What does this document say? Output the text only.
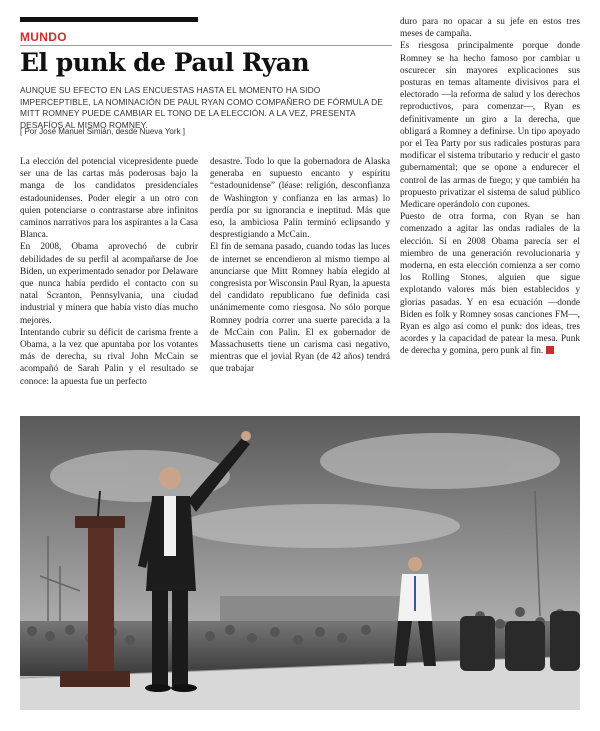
MUNDO
El punk de Paul Ryan
AUNQUE SU EFECTO EN LAS ENCUESTAS HASTA EL MOMENTO HA SIDO IMPERCEPTIBLE, LA NOMINACIÓN DE PAUL RYAN COMO COMPAÑERO DE FÓRMULA DE MITT ROMNEY PUEDE CAMBIAR EL TONO DE LA ELECCIÓN. A LA VEZ, PRESENTA DESAFÍOS AL MISMO ROMNEY.
[ Por José Manuel Simián, desde Nueva York ]

La elección del potencial vicepresidente puede ser una de las cartas más poderosas bajo la manga de los candidatos presidenciales estadounidenses. Poder elegir a un otro con quien potenciarse o contrastarse abre infinitos caminos narrativos para los aspirantes a la Casa Blanca.

En 2008, Obama aprovechó de cubrir debilidades de su perfil al acompañarse de Joe Biden, un experimentado senador por Delaware que nunca había perdido el contacto con su natal Scranton, Pennsylvania, una ciudad industrial y minera que había visto días mucho mejores.

Intentando cubrir su déficit de carisma frente a Obama, a la vez que apuntaba por los votantes más de derecha, su rival John McCain se acompañó de Sarah Palin y el resultado se conoce: la apuesta fue un perfecto

desastre. Todo lo que la gobernadora de Alaska generaba en supuesto encanto y espíritu “estadounidense” (léase: religión, desconfianza de Washington y confianza en las armas) lo perdía por su ignorancia e ineptitud. Más que eso, la ambiciosa Palin terminó eclipsando y desprestigiando a McCain.

El fin de semana pasado, cuando todas las luces de internet se encendieron al mismo tiempo al anunciarse que Mitt Romney había elegido al congresista por Wisconsin Paul Ryan, la apuesta del candidato republicano fue definida casi unánimemente como riesgosa. No sólo porque Romney podría correr una suerte parecida a la de McCain con Palin. El ex gobernador de Massachusetts tiene un carisma casi negativo, mientras que el jovial Ryan (de 42 años) tendrá que trabajar

duro para no opacar a su jefe en estos tres meses de campaña.

Es riesgosa principalmente porque donde Romney se ha hecho famoso por cambiar u oscurecer sin mayores explicaciones sus posturas en temas altamente divisivos para el electorado —la reforma de salud y los derechos reproductivos, para comenzar—, Ryan es definitivamente un giro a la derecha, que obligará a Romney a definirse. Un tipo apoyado por el Tea Party por sus radicales posturas para modificar el sistema tributario y reducir el gasto gubernamental; que se opone a endurecer el control de las armas de fuego; y que también ha propuesto privatizar el sistema de salud público Medicare operándolo con cupones.

Puesto de otra forma, con Ryan se han comenzado a agitar las ondas radiales de la elección. Si en 2008 Obama parecía ser el miembro de una generación revolucionaria y moderna, en esta elección comienza a ser como los Rolling Stones, alguien que sigue explotando valores más bien establecidos y glorias pasadas. Y en esa ecuación —donde Biden es folk y Romney sosas canciones FM—, Ryan es algo así como el punk: dos ideas, tres acordes y la capacidad de patear la mesa. Punk de derecha y gomina, pero punk al fin.
